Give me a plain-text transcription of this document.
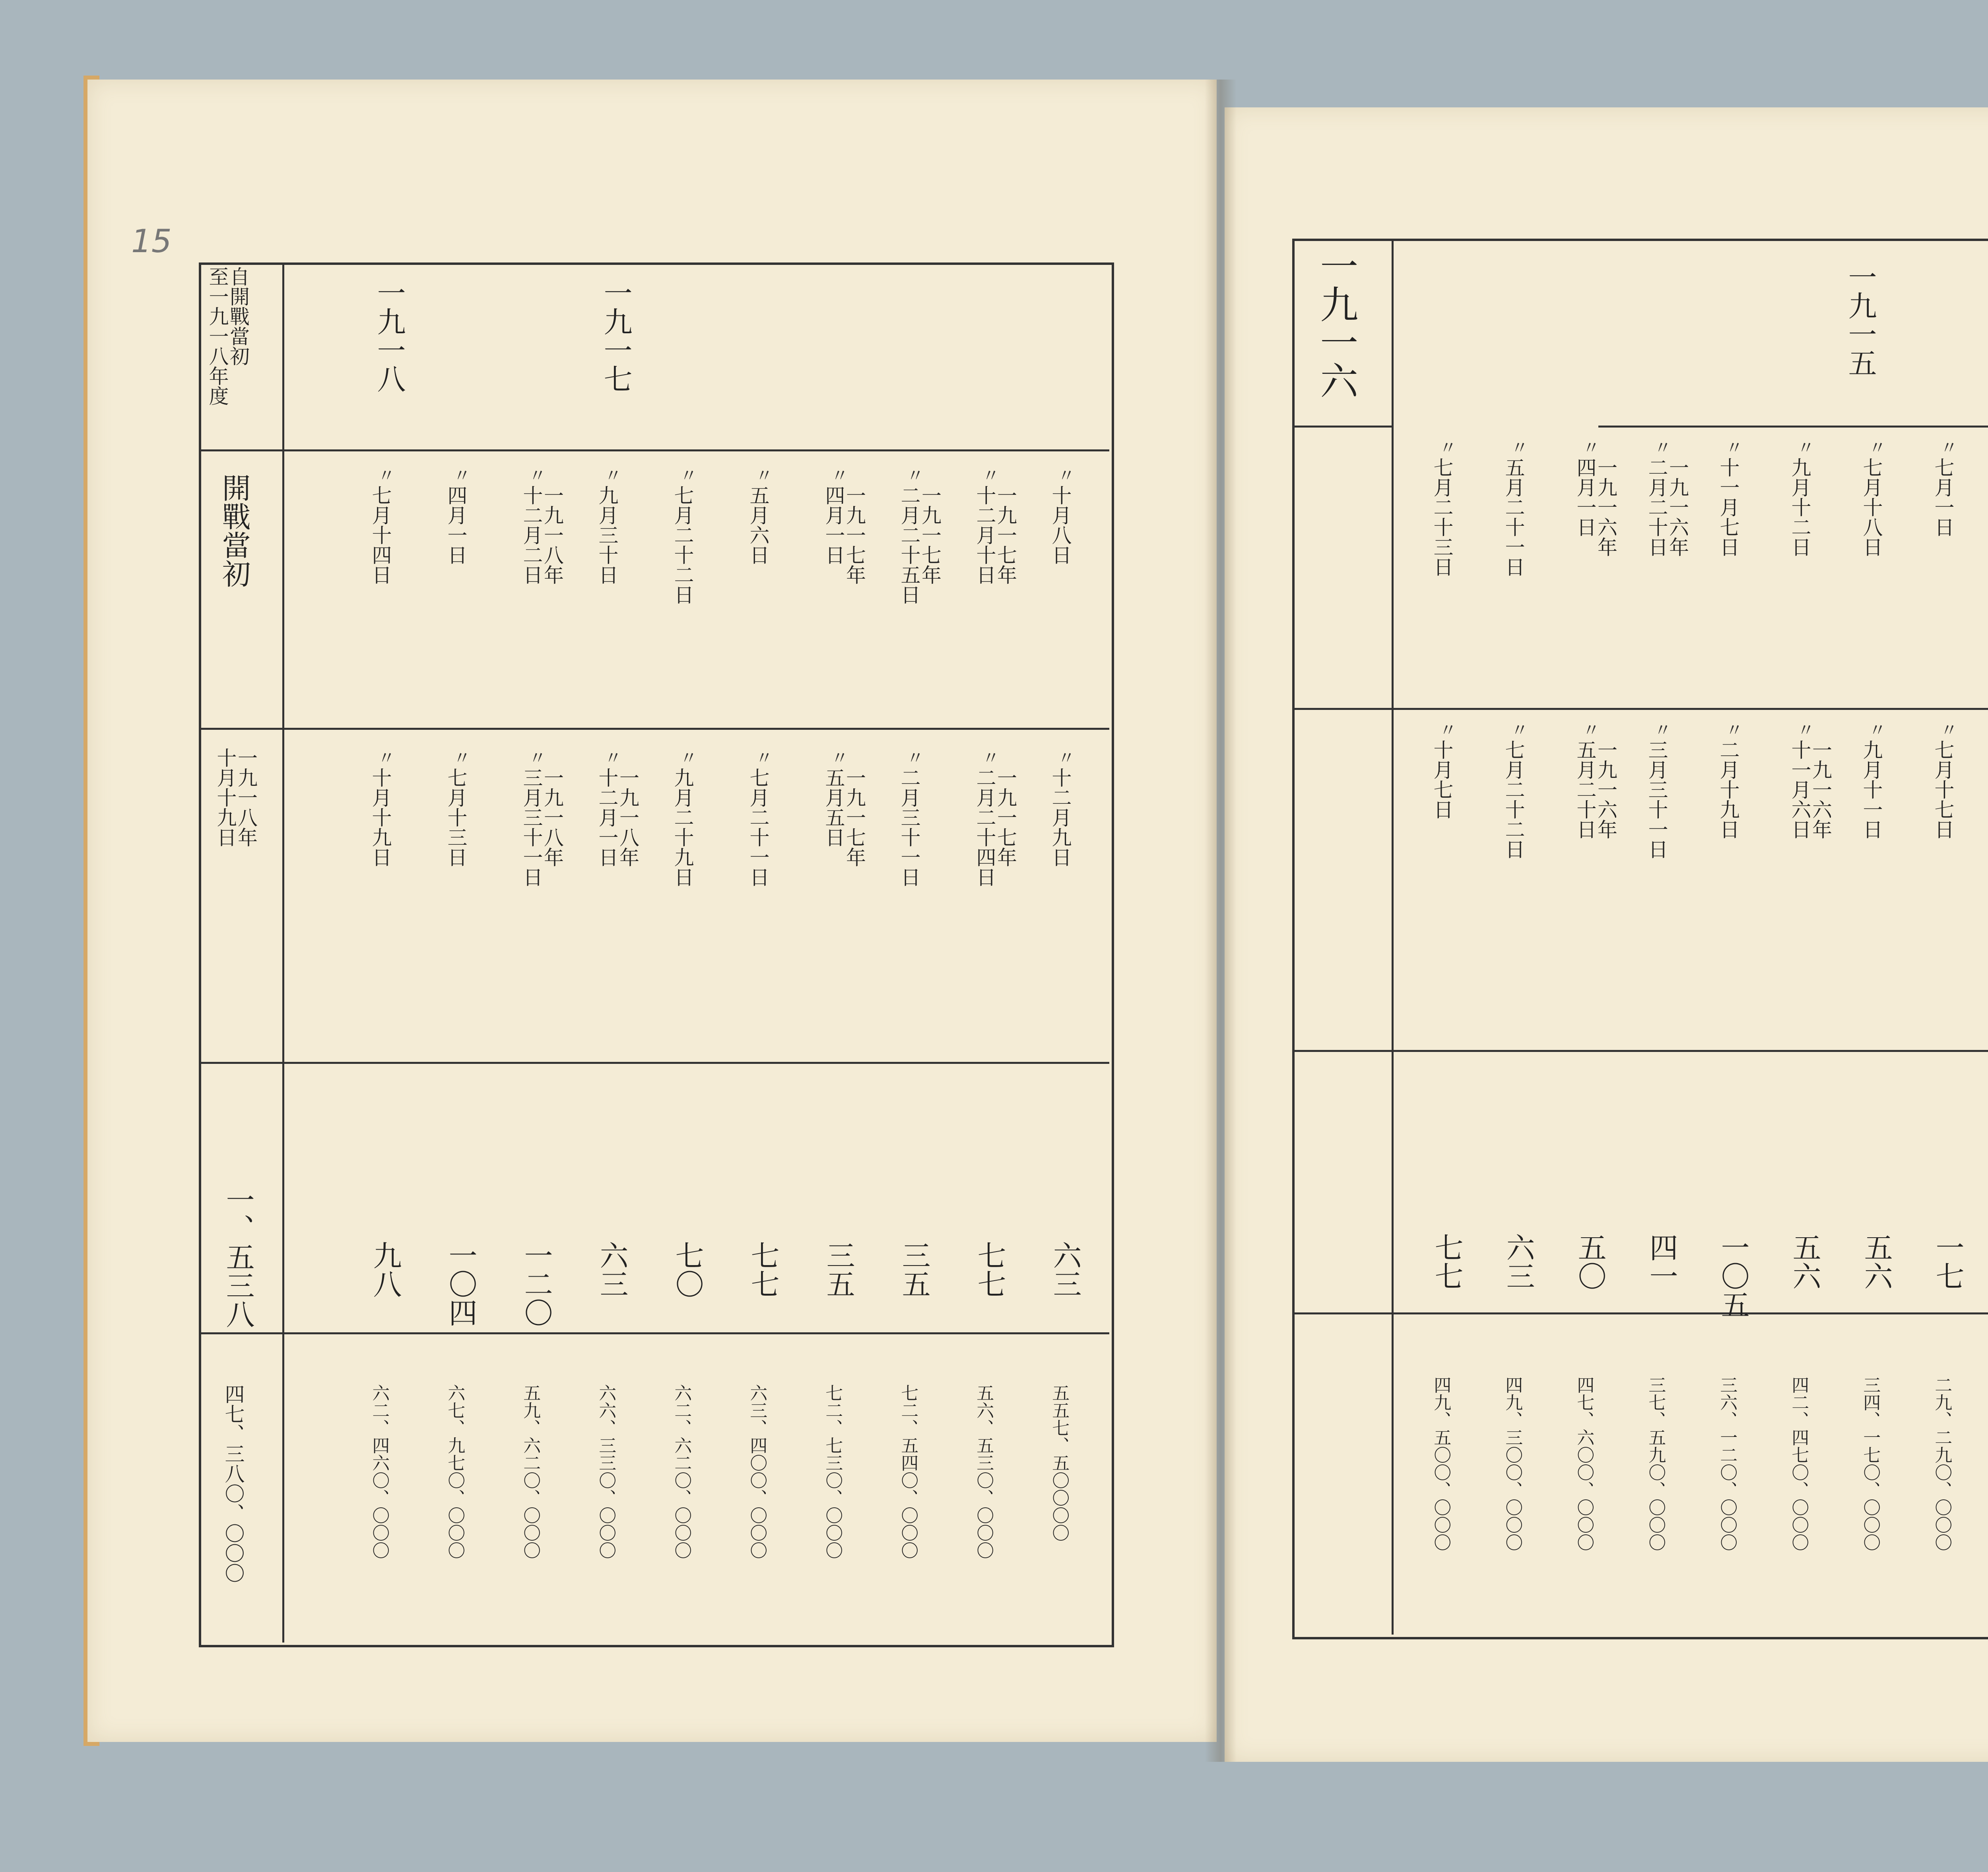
15
自開戰當初
至一九一八年度	一九一七
一九一八
開戰當初
一九一八年
十月十九日
一、五三八
四七、三八〇、〇〇〇
十月八日
十二月九日
六三
五五七、五〇〇〇〇
〃
〃
一九一七年
十二月十日
一九一七年
二月二十四日
七七
五六、五三〇、〇〇〇
〃
〃
一九一七年
二月二十五日
二月三十一日
三五
七二、五四〇、〇〇〇
〃
〃
一九一七年
四月一日
一九一七年
五月五日
三五
七二、七三〇、〇〇〇
〃
〃
五月六日
七月二十一日
七七
六三、四〇〇、〇〇〇
〃
〃
七月二十二日
九月二十九日
七〇
六二、六二〇、〇〇〇
〃
〃
九月三十日
一九一八年
十二月一日
六三
六六、三三〇、〇〇〇
〃
〃
一九一八年
十二月二日
一九一八年
三月三十一日
一二〇
五九、六二〇、〇〇〇
〃
〃
四月一日
七月十三日
一〇四
六七、九七〇、〇〇〇
〃
〃
七月十四日
十月十九日
九八
六二、四六〇、〇〇〇
〃
〃
一九一五
一九一六
七月一日
七月十七日
一七
二九、二九〇、〇〇〇
〃
〃
七月十八日
九月十一日
五六
三四、一七〇、〇〇〇
〃
〃
九月十二日
一九一六年
十一月六日
五六
四二、四七〇、〇〇〇
〃
〃
十一月七日
二月十九日
一〇五
三六、一二〇、〇〇〇
〃
〃
一九一六年
二月二十日
三月三十一日
四一
三七、五九〇、〇〇〇
〃
〃
一九一六年
四月一日
一九一六年
五月二十日
五〇
四七、六〇〇、〇〇〇
〃
〃
五月二十一日
七月二十二日
六三
四九、三〇〇、〇〇〇
〃
〃
七月二十三日
十月七日
七七
四九、五〇〇、〇〇〇
〃
〃
